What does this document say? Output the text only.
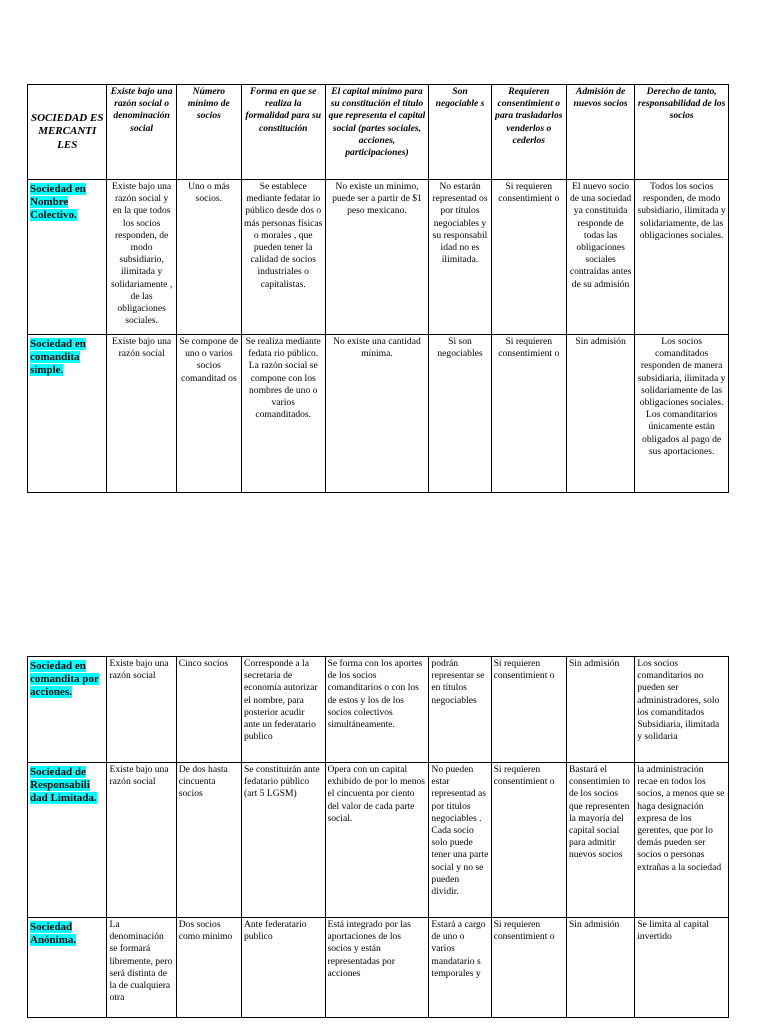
SOCIEDAD ES MERCANTI LES	Existe bajo una razón social o denominación social	Número mínimo de socios	Forma en que se realiza la formalidad para su constitución	El capital mínimo para su constitución el título que representa el capital social (partes sociales, acciones, participaciones)	Son negociable s	Requieren consentimient o para trasladarlos venderlos o cederlos	Admisión de nuevos socios	Derecho de tanto, responsabilidad de los socios
Sociedad en Nombre Colectivo.	Existe bajo una razón social y en la que todos los socios responden, de modo subsidiario, ilimitada y solidariamente , de las obligaciones sociales.	Uno o más socios.	Se establece mediante fedatar io público desde dos o más personas físicas o morales , que pueden tener la calidad de socios industriales o capitalistas.	No existe un mínimo, puede ser a partir de $1 peso mexicano.	No estarán representad os por títulos negociables y su responsabil idad no es ilimitada.	Si requieren consentimient o	El nuevo socio de una sociedad ya constituida responde de todas las obligaciones sociales contraídas antes de su admisión	Todos los socios responden, de modo subsidiario, ilimitada y solidariamente, de las obligaciones sociales.
Sociedad en comandita simple.	Existe bajo una razón social	Se compone de uno o varios socios comanditad os	Se realiza mediante fedata rio público. La razón social se compone con los nombres de uno o varios comanditados.	No existe una cantidad mínima.	Si son negociables	Si requieren consentimient o	Sin admisión	Los socios comanditados responden de manera subsidiaria, ilimitada y solidariamente de las obligaciones sociales. Los comanditarios únicamente están obligados al pago de sus aportaciones.
Sociedad en comandita por acciones.	Existe bajo una razón social	Cinco socios	Corresponde a la secretaria de economía autorizar el nombre, para posterior acudir ante un federatario publico	Se forma con los aportes de los socios comanditarios o con los de estos y los de los socios colectivos simultáneamente.	podrán representar se en títulos negociables	Si requieren consentimient o	Sin admisión	Los socios comanditarios no pueden ser administradores, solo los comanditados Subsidiaria, ilimitada y solidaria
Sociedad de Responsabili dad Limitada.	Existe bajo una razón social	De dos hasta cincuenta socios	Se constituirán ante fedatario público (art 5 LGSM)	Opera con un capital exhibido de por lo menos el cincuenta por ciento del valor de cada parte social.	No pueden estar representad as por títulos negociables . Cada socio solo puede tener una parte social y no se pueden dividir.	Si requieren consentimient o	Bastará el consentimien to de los socios que representen la mayoría del capital social para admitir nuevos socios	la administración recae en todos los socios, a menos que se haga designación expresa de los gerentes, que por lo demás pueden ser socios o personas extrañas a la sociedad
Sociedad Anónima.	La denominación se formará libremente, pero será distinta de la de cualquiera otra	Dos socios como mínimo	Ante federatario publico	Está integrado por las aportaciones de los socios y están representadas por acciones	Estará a cargo de uno o varios mandatario s temporales y	Si requieren consentimient o	Sin admisión	Se limita al capital invertido
